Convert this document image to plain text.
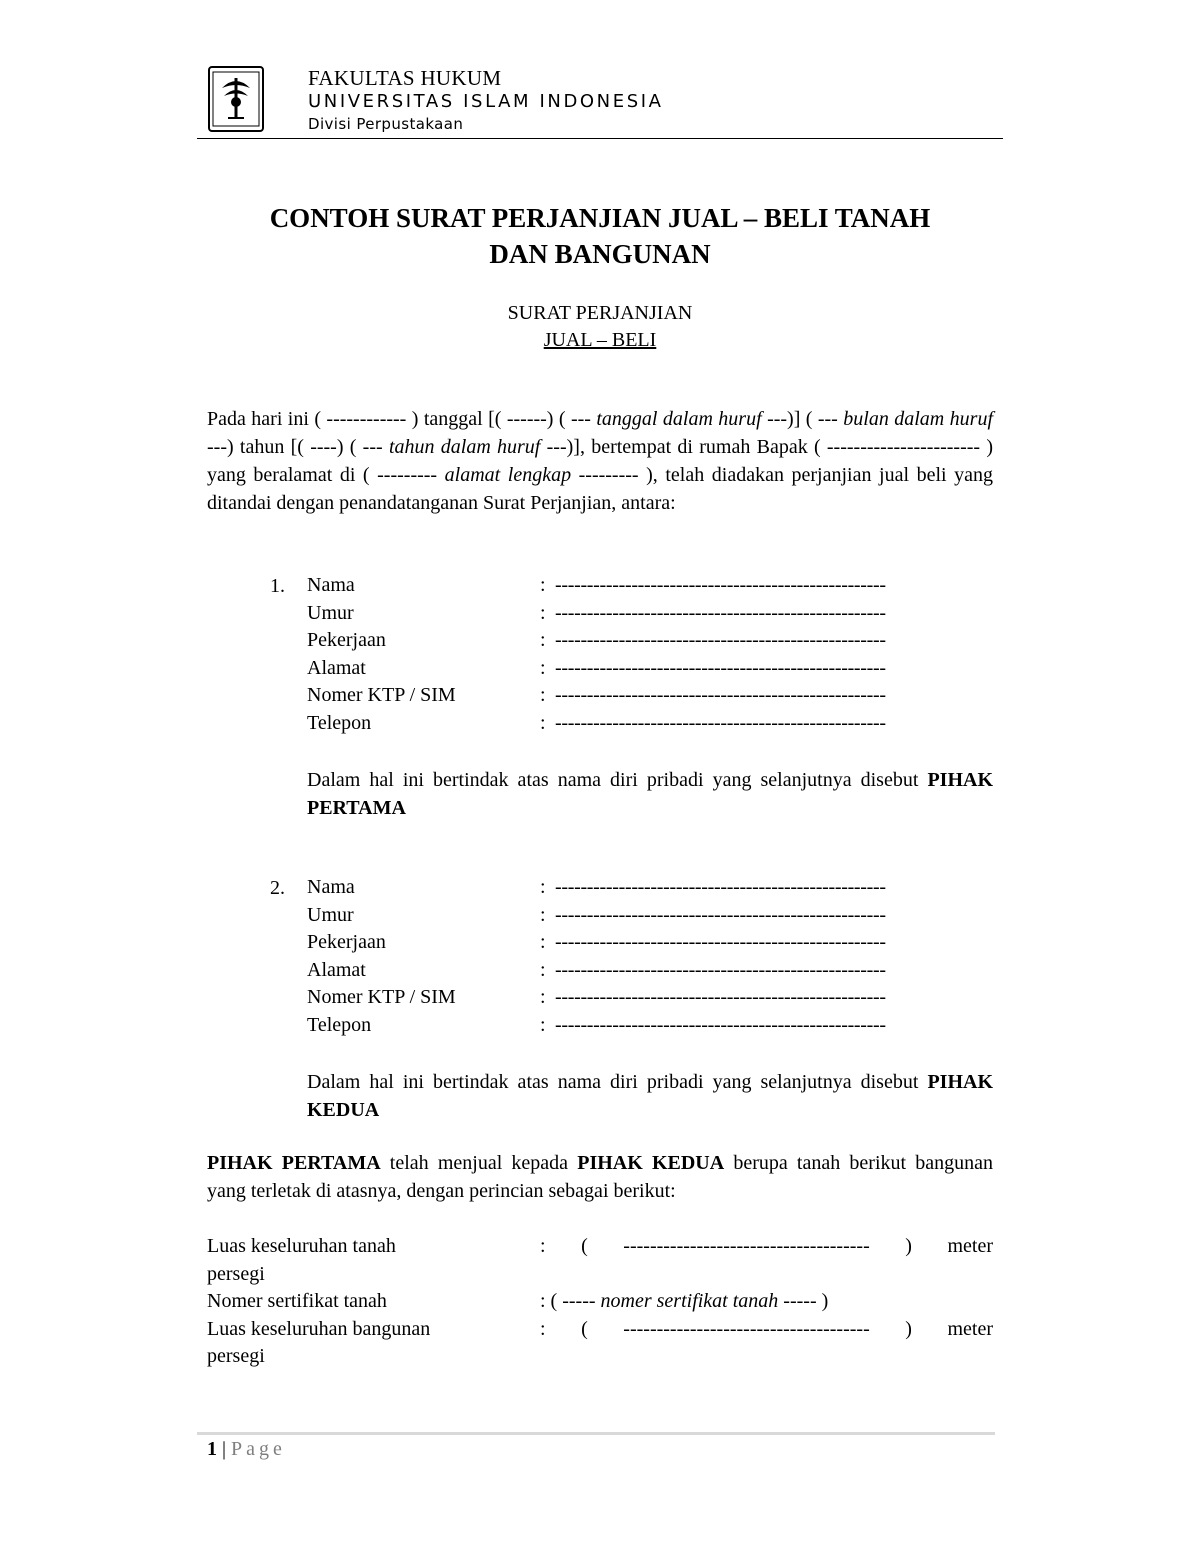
~~~~~~
FAKULTAS HUKUM
UNIVERSITAS ISLAM INDONESIA
Divisi Perpustakaan
CONTOH SURAT PERJANJIAN JUAL – BELI TANAH
DAN BANGUNAN
SURAT PERJANJIAN
JUAL – BELI
Pada hari ini ( ------------ ) tanggal [( ------) ( --- tanggal dalam huruf ---)] ( --- bulan dalam huruf ---) tahun [( ----) ( --- tahun dalam huruf ---)], bertempat di rumah Bapak ( ----------------------- ) yang beralamat di ( --------- alamat lengkap --------- ), telah diadakan perjanjian jual beli yang ditandai dengan penandatanganan Surat Perjanjian, antara:
1. Nama	: ----------------------------------------------------
Umur	: ----------------------------------------------------
Pekerjaan	: ----------------------------------------------------
Alamat	: ----------------------------------------------------
Nomer KTP / SIM	: ----------------------------------------------------
Telepon	: ----------------------------------------------------
Dalam hal ini bertindak atas nama diri pribadi yang selanjutnya disebut PIHAK PERTAMA
2. Nama	: ----------------------------------------------------
Umur	: ----------------------------------------------------
Pekerjaan	: ----------------------------------------------------
Alamat	: ----------------------------------------------------
Nomer KTP / SIM	: ----------------------------------------------------
Telepon	: ----------------------------------------------------
Dalam hal ini bertindak atas nama diri pribadi yang selanjutnya disebut PIHAK KEDUA
PIHAK PERTAMA telah menjual kepada PIHAK KEDUA berupa tanah berikut bangunan yang terletak di atasnya, dengan perincian sebagai berikut:
Luas keseluruhan tanah	: ( ------------------------------------- ) meter
persegi
Nomer sertifikat tanah	: ( ----- nomer sertifikat tanah ----- )
Luas keseluruhan bangunan	: ( ------------------------------------- ) meter
persegi
1 | Page
